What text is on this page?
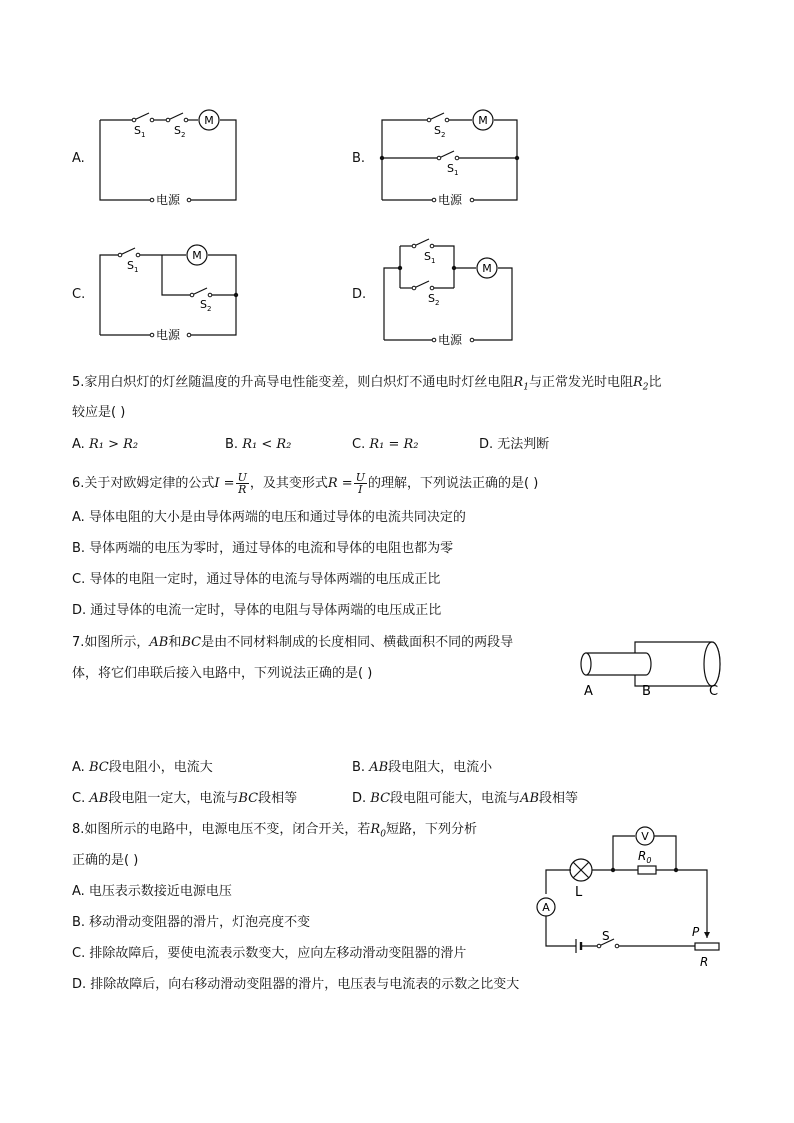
A.
M
$S_1$	$S_2$
电源
B.
M
$S_2$
$S_1$
电源
C.
M
$S_1$
$S_2$
电源
D.
M
$S_1$
$S_2$
电源
5.家用白炽灯的灯丝随温度的升高导电性能变差，则白炽灯不通电时灯丝电阻$R_1$与正常发光时电阻$R_2$比
较应是( )
A. R₁ > R₂	B. R₁ < R₂	C. R₁ = R₂	D. 无法判断
6.关于对欧姆定律的公式$I = \frac{U}{R}$ ，及其变形式$R = \frac{U}{I}$ 的理解，下列说法正确的是( )
A. 导体电阻的大小是由导体两端的电压和通过导体的电流共同决定的
B. 导体两端的电压为零时，通过导体的电流和导体的电阻也都为零
C. 导体的电阻一定时，通过导体的电流与导体两端的电压成正比
D. 通过导体的电流一定时，导体的电阻与导体两端的电压成正比
7.如图所示，AB和BC是由不同材料制成的长度相同、横截面积不同的两段导
体，将它们串联后接入电路中，下列说法正确的是( )
A	B	C
A. BC段电阻小，电流大	B. AB段电阻大，电流小
C. AB段电阻一定大，电流与BC段相等	D. BC段电阻可能大，电流与AB段相等
8.如图所示的电路中，电源电压不变，闭合开关，若$R_0$短路，下列分析
正确的是( )
A. 电压表示数接近电源电压
B. 移动滑动变阻器的滑片，灯泡亮度不变
C. 排除故障后，要使电流表示数变大，应向左移动滑动变阻器的滑片
D. 排除故障后，向右移动滑动变阻器的滑片，电压表与电流表的示数之比变大
V
A
L
$R_0$
S	P
R
